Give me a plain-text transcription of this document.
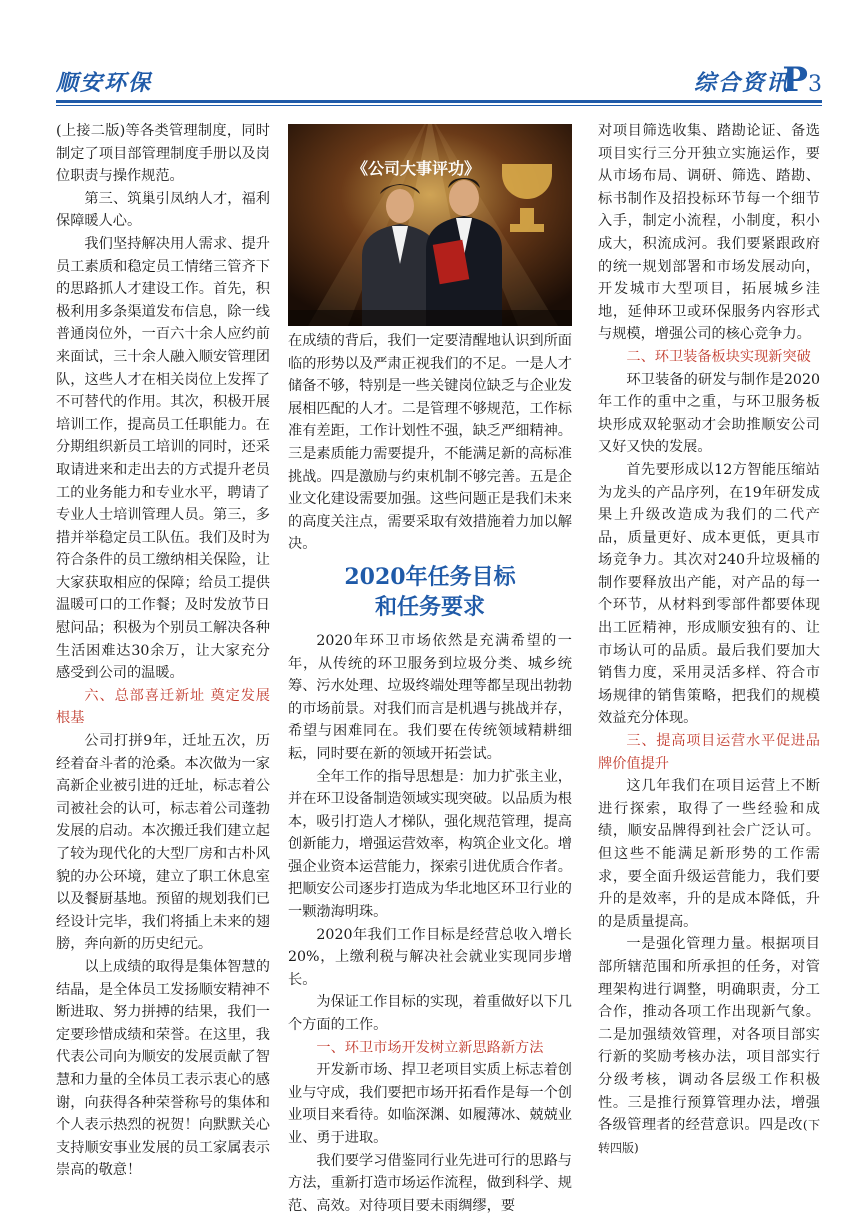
顺安环保	综合资讯
P3

(上接二版)等各类管理制度，同时制定了项目部管理制度手册以及岗位职责与操作规范。

第三、筑巢引凤纳人才，福利保障暖人心。

我们坚持解决用人需求、提升员工素质和稳定员工情绪三管齐下的思路抓人才建设工作。首先，积极利用多条渠道发布信息，除一线普通岗位外，一百六十余人应约前来面试，三十余人融入顺安管理团队，这些人才在相关岗位上发挥了不可替代的作用。其次，积极开展培训工作，提高员工任职能力。在分期组织新员工培训的同时，还采取请进来和走出去的方式提升老员工的业务能力和专业水平，聘请了专业人士培训管理人员。第三，多措并举稳定员工队伍。我们及时为符合条件的员工缴纳相关保险，让大家获取相应的保障；给员工提供温暖可口的工作餐；及时发放节日慰问品；积极为个别员工解决各种生活困难达30余万，让大家充分感受到公司的温暖。

六、总部喜迁新址 奠定发展根基

公司打拼9年，迁址五次，历经着奋斗者的沧桑。本次做为一家高新企业被引进的迁址，标志着公司被社会的认可，标志着公司蓬勃发展的启动。本次搬迁我们建立起了较为现代化的大型厂房和古朴风貌的办公环境，建立了职工休息室以及餐厨基地。预留的规划我们已经设计完毕，我们将插上未来的翅膀，奔向新的历史纪元。

以上成绩的取得是集体智慧的结晶，是全体员工发扬顺安精神不断进取、努力拼搏的结果，我们一定要珍惜成绩和荣誉。在这里，我代表公司向为顺安的发展贡献了智慧和力量的全体员工表示衷心的感谢，向获得各种荣誉称号的集体和个人表示热烈的祝贺！向默默关心支持顺安事业发展的员工家属表示崇高的敬意！

《公司大事评功》

在成绩的背后，我们一定要清醒地认识到所面临的形势以及严肃正视我们的不足。一是人才储备不够，特别是一些关键岗位缺乏与企业发展相匹配的人才。二是管理不够规范，工作标准有差距，工作计划性不强，缺乏严细精神。三是素质能力需要提升，不能满足新的高标准挑战。四是激励与约束机制不够完善。五是企业文化建设需要加强。这些问题正是我们未来的高度关注点，需要采取有效措施着力加以解决。

2020年任务目标
和任务要求

2020年环卫市场依然是充满希望的一年，从传统的环卫服务到垃圾分类、城乡统筹、污水处理、垃圾终端处理等都呈现出勃勃的市场前景。对我们而言是机遇与挑战并存，希望与困难同在。我们要在传统领域精耕细耘，同时要在新的领域开拓尝试。

全年工作的指导思想是：加力扩张主业，并在环卫设备制造领域实现突破。以品质为根本，吸引打造人才梯队，强化规范管理，提高创新能力，增强运营效率，构筑企业文化。增强企业资本运营能力，探索引进优质合作者。把顺安公司逐步打造成为华北地区环卫行业的一颗渤海明珠。

2020年我们工作目标是经营总收入增长20%，上缴利税与解决社会就业实现同步增长。

为保证工作目标的实现，着重做好以下几个方面的工作。

一、环卫市场开发树立新思路新方法

开发新市场、捍卫老项目实质上标志着创业与守成，我们要把市场开拓看作是每一个创业项目来看待。如临深渊、如履薄冰、兢兢业业、勇于进取。

我们要学习借鉴同行业先进可行的思路与方法，重新打造市场运作流程，做到科学、规范、高效。对待项目要未雨绸缪，要

对项目筛选收集、踏勘论证、备选项目实行三分开独立实施运作，要从市场布局、调研、筛选、踏勘、标书制作及招投标环节每一个细节入手，制定小流程，小制度，积小成大，积流成河。我们要紧跟政府的统一规划部署和市场发展动向，开发城市大型项目，拓展城乡洼地，延伸环卫或环保服务内容形式与规模，增强公司的核心竞争力。

二、环卫装备板块实现新突破

环卫装备的研发与制作是2020年工作的重中之重，与环卫服务板块形成双轮驱动才会助推顺安公司又好又快的发展。

首先要形成以12方智能压缩站为龙头的产品序列，在19年研发成果上升级改造成为我们的二代产品，质量更好、成本更低，更具市场竞争力。其次对240升垃圾桶的制作要释放出产能，对产品的每一个环节，从材料到零部件都要体现出工匠精神，形成顺安独有的、让市场认可的品质。最后我们要加大销售力度，采用灵活多样、符合市场规律的销售策略，把我们的规模效益充分体现。

三、提高项目运营水平促进品牌价值提升

这几年我们在项目运营上不断进行探索，取得了一些经验和成绩，顺安品牌得到社会广泛认可。但这些不能满足新形势的工作需求，要全面升级运营能力，我们要升的是效率，升的是成本降低，升的是质量提高。

一是强化管理力量。根据项目部所辖范围和所承担的任务，对管理架构进行调整，明确职责，分工合作，推动各项工作出现新气象。二是加强绩效管理，对各项目部实行新的奖励考核办法，项目部实行分级考核，调动各层级工作积极性。三是推行预算管理办法，增强各级管理者的经营意识。四是改(下转四版)
